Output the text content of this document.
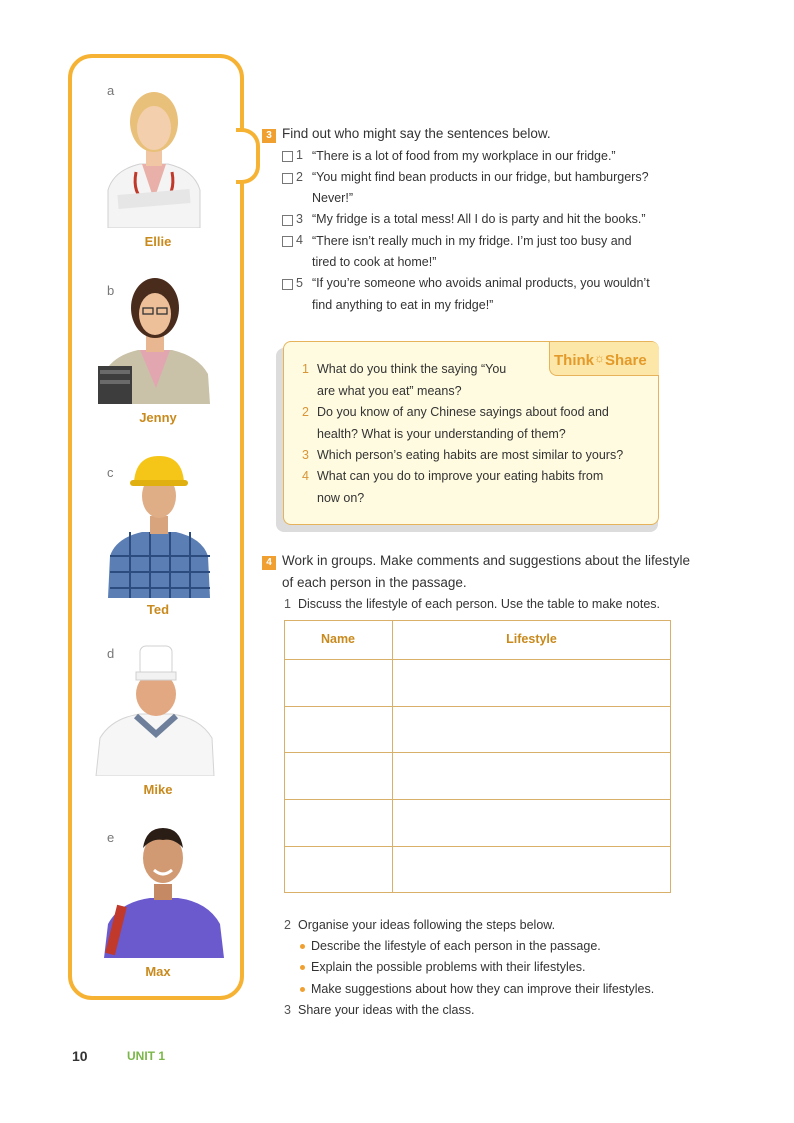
a
Ellie
b
Jenny
c
Ted
d
Mike
e
Max
3 Find out who might say the sentences below.
1 “There is a lot of food from my workplace in our fridge.”
2 “You might find bean products in our fridge, but hamburgers?
Never!”
3 “My fridge is a total mess! All I do is party and hit the books.”
4 “There isn’t really much in my fridge. I’m just too busy and
tired to cook at home!”
5 “If you’re someone who avoids animal products, you wouldn’t
find anything to eat in my fridge!”
Think☼Share
1 What do you think the saying “You
are what you eat” means?
2 Do you know of any Chinese sayings about food and
health? What is your understanding of them?
3 Which person’s eating habits are most similar to yours?
4 What can you do to improve your eating habits from
now on?
4 Work in groups. Make comments and suggestions about the lifestyle
of each person in the passage.
1 Discuss the lifestyle of each person. Use the table to make notes.
Name	Lifestyle
2 Organise your ideas following the steps below.
Describe the lifestyle of each person in the passage.
Explain the possible problems with their lifestyles.
Make suggestions about how they can improve their lifestyles.
3 Share your ideas with the class.
10	UNIT 1
